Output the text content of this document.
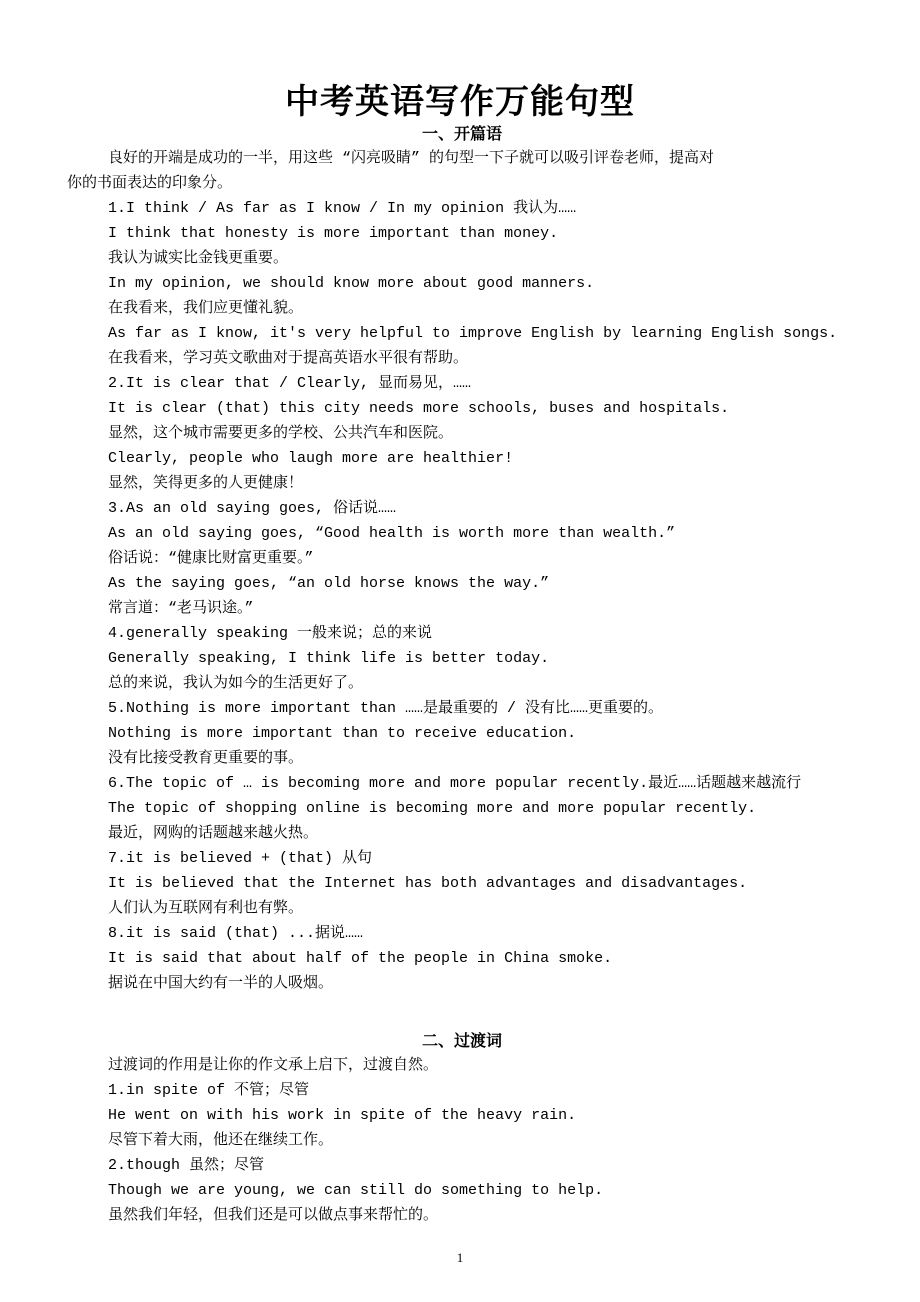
中考英语写作万能句型
一、开篇语
良好的开端是成功的一半，用这些 “闪亮吸睛” 的句型一下子就可以吸引评卷老师，提高对
你的书面表达的印象分。
1.I think / As far as I know / In my opinion 我认为……
I think that honesty is more important than money.
我认为诚实比金钱更重要。
In my opinion, we should know more about good manners.
在我看来，我们应更懂礼貌。
As far as I know, it's very helpful to improve English by learning English songs.
在我看来，学习英文歌曲对于提高英语水平很有帮助。
2.It is clear that / Clearly, 显而易见，……
It is clear (that) this city needs more schools, buses and hospitals.
显然，这个城市需要更多的学校、公共汽车和医院。
Clearly, people who laugh more are healthier!
显然，笑得更多的人更健康！
3.As an old saying goes, 俗话说……
As an old saying goes, “Good health is worth more than wealth.”
俗话说：“健康比财富更重要。”
As the saying goes, “an old horse knows the way.”
常言道：“老马识途。”
4.generally speaking 一般来说；总的来说
Generally speaking, I think life is better today.
总的来说，我认为如今的生活更好了。
5.Nothing is more important than ……是最重要的 / 没有比……更重要的。
Nothing is more important than to receive education.
没有比接受教育更重要的事。
6.The topic of … is becoming more and more popular recently.最近……话题越来越流行
The topic of shopping online is becoming more and more popular recently.
最近，网购的话题越来越火热。
7.it is believed + (that) 从句
It is believed that the Internet has both advantages and disadvantages.
人们认为互联网有利也有弊。
8.it is said (that) ...据说……
It is said that about half of the people in China smoke.
据说在中国大约有一半的人吸烟。
二、过渡词
过渡词的作用是让你的作文承上启下，过渡自然。
1.in spite of 不管；尽管
He went on with his work in spite of the heavy rain.
尽管下着大雨，他还在继续工作。
2.though 虽然；尽管
Though we are young, we can still do something to help.
虽然我们年轻，但我们还是可以做点事来帮忙的。
1
